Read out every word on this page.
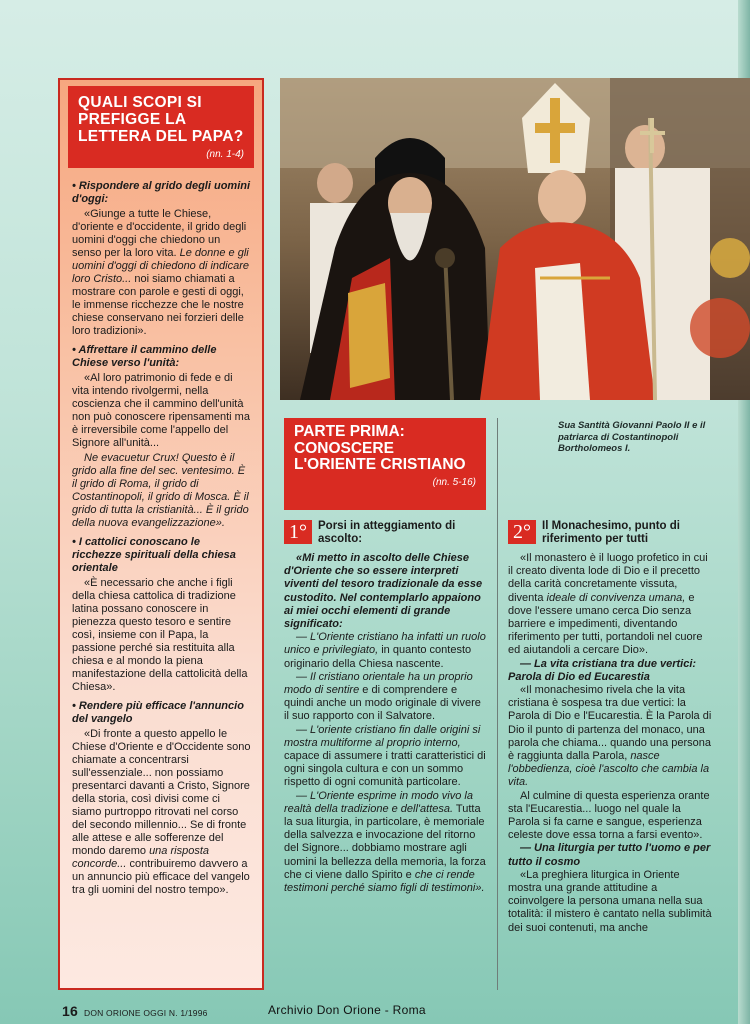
QUALI SCOPI SI PREFIGGE LA LETTERA DEL PAPA?
(nn. 1-4)
• Rispondere al grido degli uomini d'oggi:

«Giunge a tutte le Chiese, d'oriente e d'occidente, il grido degli uomini d'oggi che chiedono un senso per la loro vita. Le donne e gli uomini d'oggi di chiedono di indicare loro Cristo... noi siamo chiamati a mostrare con parole e gesti di oggi, le immense ricchezze che le nostre chiese conservano nei forzieri delle loro tradizioni».

• Affrettare il cammino delle Chiese verso l'unità:

«Al loro patrimonio di fede e di vita intendo rivolgermi, nella coscienza che il cammino dell'unità non può conoscere ripensamenti ma è irreversibile come l'appello del Signore all'unità...

Ne evacuetur Crux! Questo è il grido alla fine del sec. ventesimo. È il grido di Roma, il grido di Costantinopoli, il grido di Mosca. È il grido di tutta la cristianità... È il grido della nuova evangelizzazione».

• I cattolici conoscano le ricchezze spirituali della chiesa orientale

«È necessario che anche i figli della chiesa cattolica di tradizione latina possano conoscere in pienezza questo tesoro e sentire così, insieme con il Papa, la passione perché sia restituita alla chiesa e al mondo la piena manifestazione della cattolicità della Chiesa».

• Rendere più efficace l'annuncio del vangelo

«Di fronte a questo appello le Chiese d'Oriente e d'Occidente sono chiamate a concentrarsi sull'essenziale... non possiamo presentarci davanti a Cristo, Signore della storia, così divisi come ci siamo purtroppo ritrovati nel corso del secondo millennio... Se di fronte alle attese e alle sofferenze del mondo daremo una risposta concorde... contribuiremo davvero a un annuncio più efficace del vangelo tra gli uomini del nostro tempo».

Sua Santità Giovanni Paolo II e il patriarca di Costantinopoli Bortholomeos I.
PARTE PRIMA: CONOSCERE L'ORIENTE CRISTIANO
(nn. 5-16)
1° Porsi in atteggiamento di ascolto:

«Mi metto in ascolto delle Chiese d'Oriente che so essere interpreti viventi del tesoro tradizionale da esse custodito. Nel contemplarlo appaiono ai miei occhi elementi di grande significato:

— L'Oriente cristiano ha infatti un ruolo unico e privilegiato, in quanto contesto originario della Chiesa nascente.

— Il cristiano orientale ha un proprio modo di sentire e di comprendere e quindi anche un modo originale di vivere il suo rapporto con il Salvatore.

— L'oriente cristiano fin dalle origini si mostra multiforme al proprio interno, capace di assumere i tratti caratteristici di ogni singola cultura e con un sommo rispetto di ogni comunità particolare.

— L'Oriente esprime in modo vivo la realtà della tradizione e dell'attesa. Tutta la sua liturgia, in particolare, è memoriale della salvezza e invocazione del ritorno del Signore... dobbiamo mostrare agli uomini la bellezza della memoria, la forza che ci viene dallo Spirito e che ci rende testimoni perché siamo figli di testimoni».

2° Il Monachesimo, punto di riferimento per tutti

«Il monastero è il luogo profetico in cui il creato diventa lode di Dio e il precetto della carità concretamente vissuta, diventa ideale di convivenza umana, e dove l'essere umano cerca Dio senza barriere e impedimenti, diventando riferimento per tutti, portandoli nel cuore ed aiutandoli a cercare Dio».

— La vita cristiana tra due vertici: Parola di Dio ed Eucarestia

«Il monachesimo rivela che la vita cristiana è sospesa tra due vertici: la Parola di Dio e l'Eucarestia. È la Parola di Dio il punto di partenza del monaco, una parola che chiama... quando una persona è raggiunta dalla Parola, nasce l'obbedienza, cioè l'ascolto che cambia la vita.

Al culmine di questa esperienza orante sta l'Eucarestia... luogo nel quale la Parola si fa carne e sangue, esperienza celeste dove essa torna a farsi evento».

— Una liturgia per tutto l'uomo e per tutto il cosmo

«La preghiera liturgica in Oriente mostra una grande attitudine a coinvolgere la persona umana nella sua totalità: il mistero è cantato nella sublimità dei suoi contenuti, ma anche

16 DON ORIONE OGGI N. 1/1996	Archivio Don Orione - Roma
